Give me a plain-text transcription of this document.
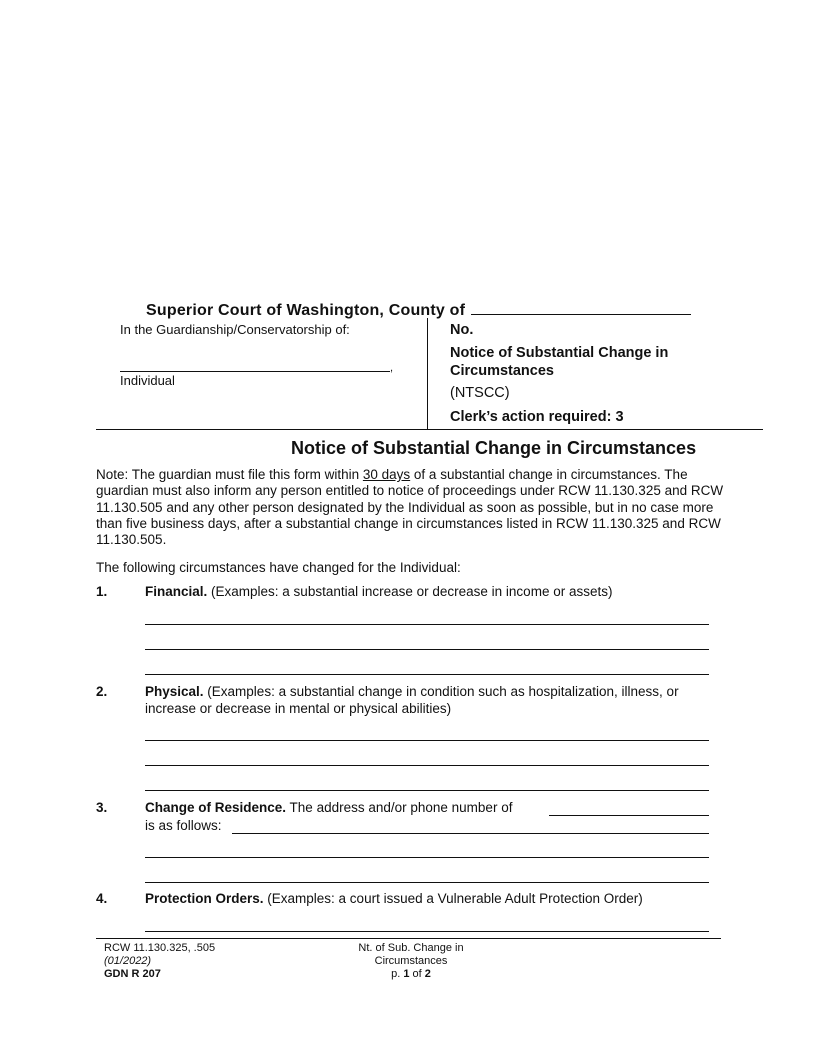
Superior Court of Washington, County of
In the Guardianship/Conservatorship of:
,
Individual
No.
Notice of Substantial Change in
Circumstances
(NTSCC)
Clerk’s action required: 3
Notice of Substantial Change in Circumstances
Note: The guardian must file this form within 30 days of a substantial change in circumstances. The guardian must also inform any person entitled to notice of proceedings under RCW 11.130.325 and RCW 11.130.505 and any other person designated by the Individual as soon as possible, but in no case more than five business days, after a substantial change in circumstances listed in RCW 11.130.325 and RCW 11.130.505.
The following circumstances have changed for the Individual:
1.	Financial. (Examples: a substantial increase or decrease in income or assets)
2.	Physical. (Examples: a substantial change in condition such as hospitalization, illness, or increase or decrease in mental or physical abilities)
3.	Change of Residence. The address and/or phone number of
is as follows:
4.	Protection Orders. (Examples: a court issued a Vulnerable Adult Protection Order)
RCW 11.130.325, .505
(01/2022)
GDN R 207
Nt. of Sub. Change in
Circumstances
p. 1 of 2
